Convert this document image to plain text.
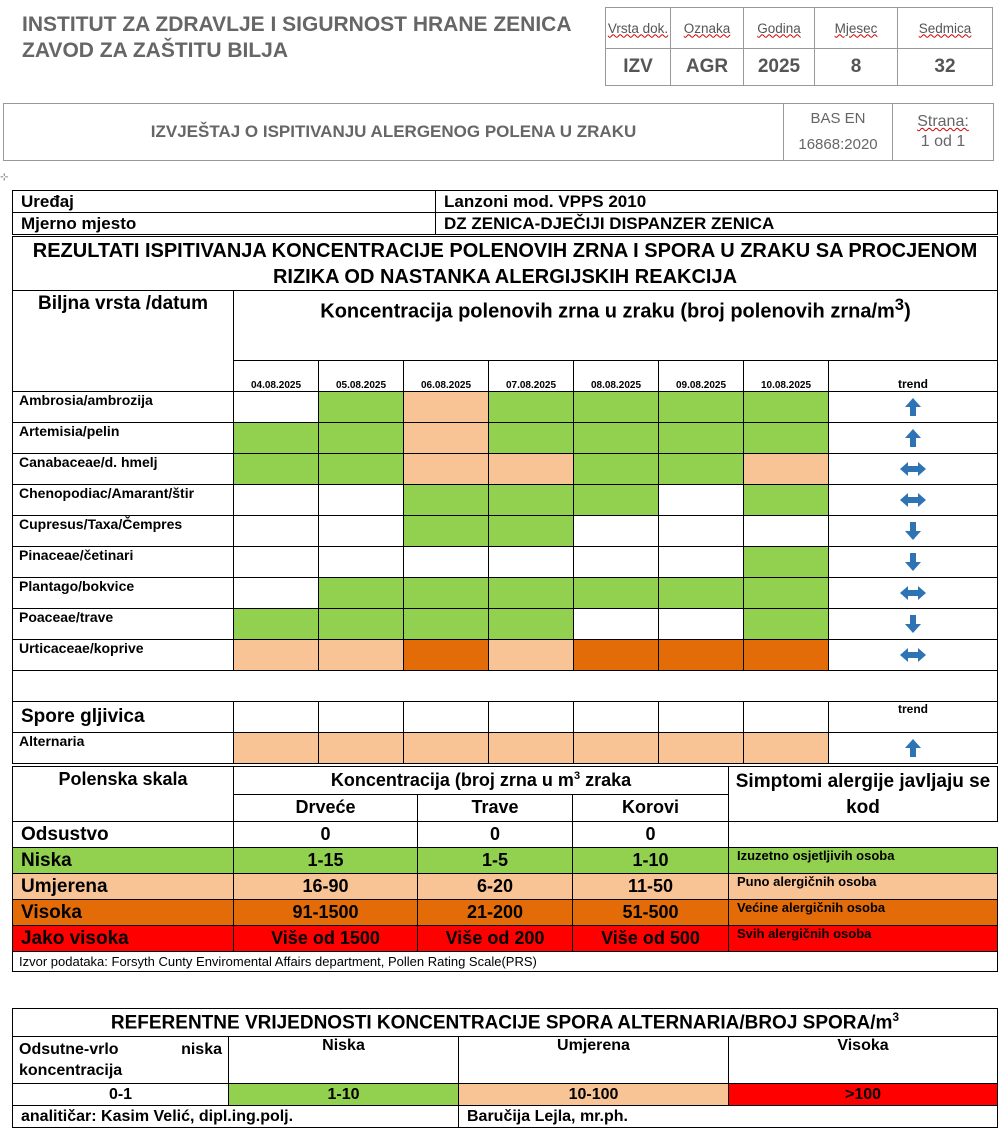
INSTITUT ZA ZDRAVLJE I SIGURNOST HRANE ZENICA
ZAVOD ZA ZAŠTITU BILJA
Vrsta dok.	Oznaka	Godina	Mjesec	Sedmica
IZV	AGR	2025	8	32
IZVJEŠTAJ O ISPITIVANJU ALERGENOG POLENA U ZRAKU	
BAS EN
16868:2020

Strana:
1 od 1
⊹
Uređaj	Lanzoni mod. VPPS 2010
Mjerno mjesto	DZ ZENICA-DJEČIJI DISPANZER ZENICA
REZULTATI ISPITIVANJA KONCENTRACIJE POLENOVIH ZRNA I SPORA U ZRAKU SA PROCJENOM RIZIKA OD NASTANKA ALERGIJSKIH REAKCIJA								
Biljna vrsta /datum	Koncentracija polenovih zrna u zraku (broj polenovih zrna/$m^3$)							
	04.08.2025	05.08.2025	06.08.2025	07.08.2025	08.08.2025	09.08.2025	10.08.2025	trend
Ambrosia/ambrozija								
Artemisia/pelin								
Canabaceae/d. hmelj								
Chenopodiac/Amarant/štir								
Cupresus/Taxa/Čempres								
Pinaceae/četinari								
Plantago/bokvice								
Poaceae/trave								
Urticaceae/koprive								

Spore gljivica								trend
Alternaria								
Polenska skala	Koncentracija (broj zrna u $m^3$ zraka			Simptomi alergije javljaju se kod
	Drveće	Trave	Korovi	
Odsustvo	0	0	0	
Niska	1-15	1-5	1-10	Izuzetno osjetljivih osoba
Umjerena	16-90	6-20	11-50	Puno alergičnih osoba
Visoka	91-1500	21-200	51-500	Većine alergičnih osoba
Jako visoka	Više od 1500	Više od 200	Više od 500	Svih alergičnih osoba
Izvor podataka: Forsyth Cunty Enviromental Affairs department, Pollen Rating Scale(PRS)				
REFERENTNE VRIJEDNOSTI KONCENTRACIJE SPORA ALTERNARIA/BROJ SPORA/$m^3$
Odsutne-vrlo niska koncentracija	Niska	Umjerena	Visoka
0-1	1-10	10-100	>100
analitičar: Kasim Velić, dipl.ing.polj.		Baručija Lejla, mr.ph.	
